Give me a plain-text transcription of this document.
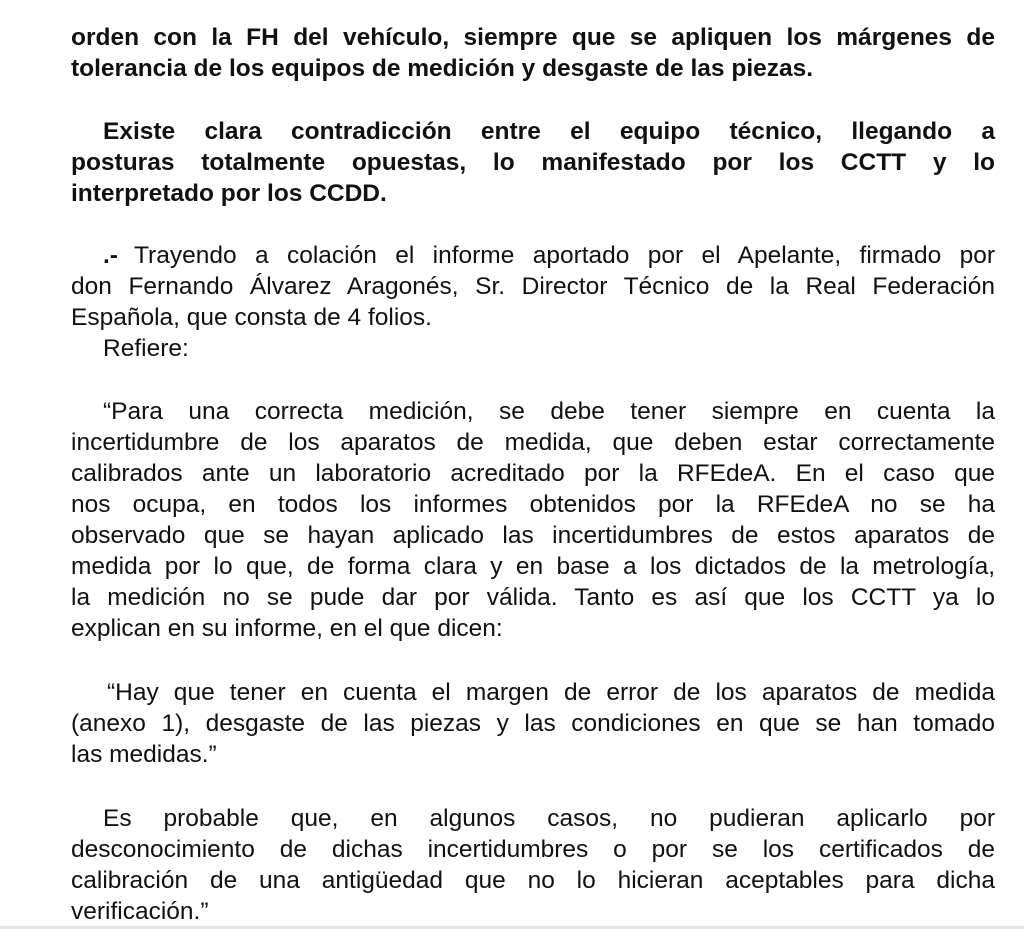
orden con la FH del vehículo, siempre que se apliquen los márgenes de
tolerancia de los equipos de medición y desgaste de las piezas.
Existe clara contradicción entre el equipo técnico, llegando a
posturas totalmente opuestas, lo manifestado por los CCTT y lo
interpretado por los CCDD.
.- Trayendo a colación el informe aportado por el Apelante, firmado por
don Fernando Álvarez Aragonés, Sr. Director Técnico de la Real Federación
Española, que consta de 4 folios.
Refiere:
“Para una correcta medición, se debe tener siempre en cuenta la
incertidumbre de los aparatos de medida, que deben estar correctamente
calibrados ante un laboratorio acreditado por la RFEdeA. En el caso que
nos ocupa, en todos los informes obtenidos por la RFEdeA no se ha
observado que se hayan aplicado las incertidumbres de estos aparatos de
medida por lo que, de forma clara y en base a los dictados de la metrología,
la medición no se pude dar por válida. Tanto es así que los CCTT ya lo
explican en su informe, en el que dicen:
“Hay que tener en cuenta el margen de error de los aparatos de medida
(anexo 1), desgaste de las piezas y las condiciones en que se han tomado
las medidas.”
Es probable que, en algunos casos, no pudieran aplicarlo por
desconocimiento de dichas incertidumbres o por se los certificados de
calibración de una antigüedad que no lo hicieran aceptables para dicha
verificación.”
